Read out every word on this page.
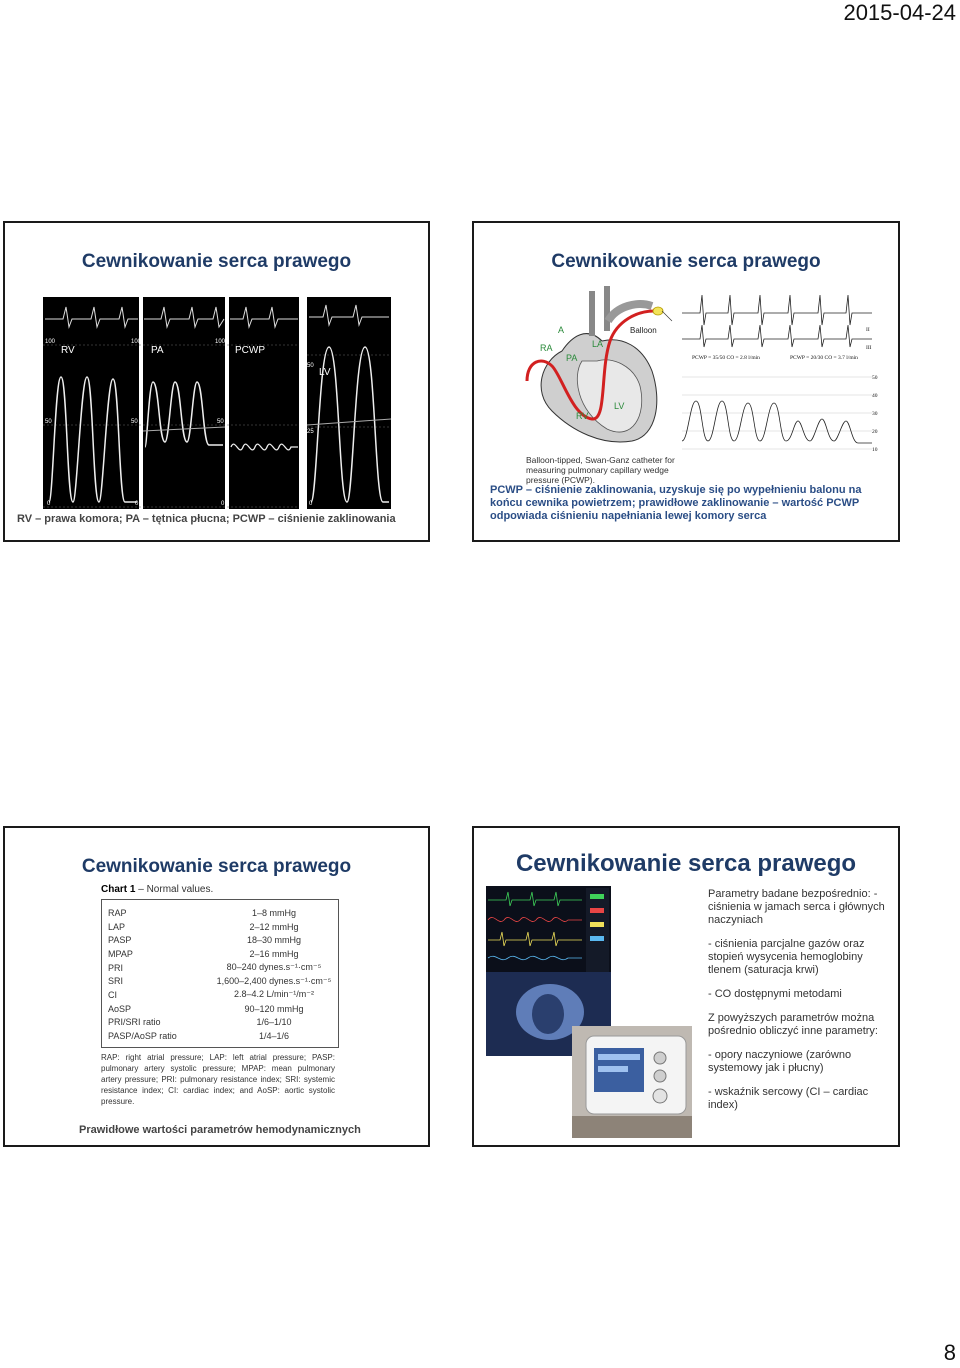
2015-04-24
Cewnikowanie serca prawego
RV	PA	PCWP
LV
100
50
0
100
50
0
100
50
0
50
25
0
RV – prawa komora; PA – tętnica płucna; PCWP – ciśnienie zaklinowania
Cewnikowanie serca prawego
A
RA
PA
LA
RV
LV
Balloon
PCWP = 35/50 CO = 2.8 l/min	PCWP = 20/30 CO = 3.7 l/min
II
III
50
40
30
20
10
Balloon-tipped, Swan-Ganz catheter for measuring pulmonary capillary wedge pressure (PCWP).
PCWP – ciśnienie zaklinowania, uzyskuje się po wypełnieniu balonu na końcu cewnika powietrzem; prawidłowe zaklinowanie – wartość PCWP odpowiada ciśnieniu napełniania lewej komory serca
Cewnikowanie serca prawego
Chart 1 – Normal values.
RAP	1–8 mmHg
LAP	2–12 mmHg
PASP	18–30 mmHg
MPAP	2–16 mmHg
PRI	80–240 dynes.s⁻¹·cm⁻⁵
SRI	1,600–2,400 dynes.s⁻¹·cm⁻⁵
CI	2.8–4.2 L/min⁻¹/m⁻²
AoSP	90–120 mmHg
PRI/SRI ratio	1/6–1/10
PASP/AoSP ratio	1/4–1/6
RAP: right atrial pressure; LAP: left atrial pressure; PASP: pulmonary artery systolic pressure; MPAP: mean pulmonary artery pressure; PRI: pulmonary resistance index; SRI: systemic resistance index; CI: cardiac index; and AoSP: aortic systolic pressure.
Prawidłowe wartości parametrów hemodynamicznych
Cewnikowanie serca prawego
Parametry badane bezpośrednio: - ciśnienia w jamach serca i głównych naczyniach
- ciśnienia parcjalne gazów oraz stopień wysycenia hemoglobiny tlenem (saturacja krwi)
- CO dostępnymi metodami
Z powyższych parametrów można pośrednio obliczyć inne parametry:
- opory naczyniowe (zarówno systemowy jak i płucny)
- wskaźnik sercowy (CI – cardiac index)
8
